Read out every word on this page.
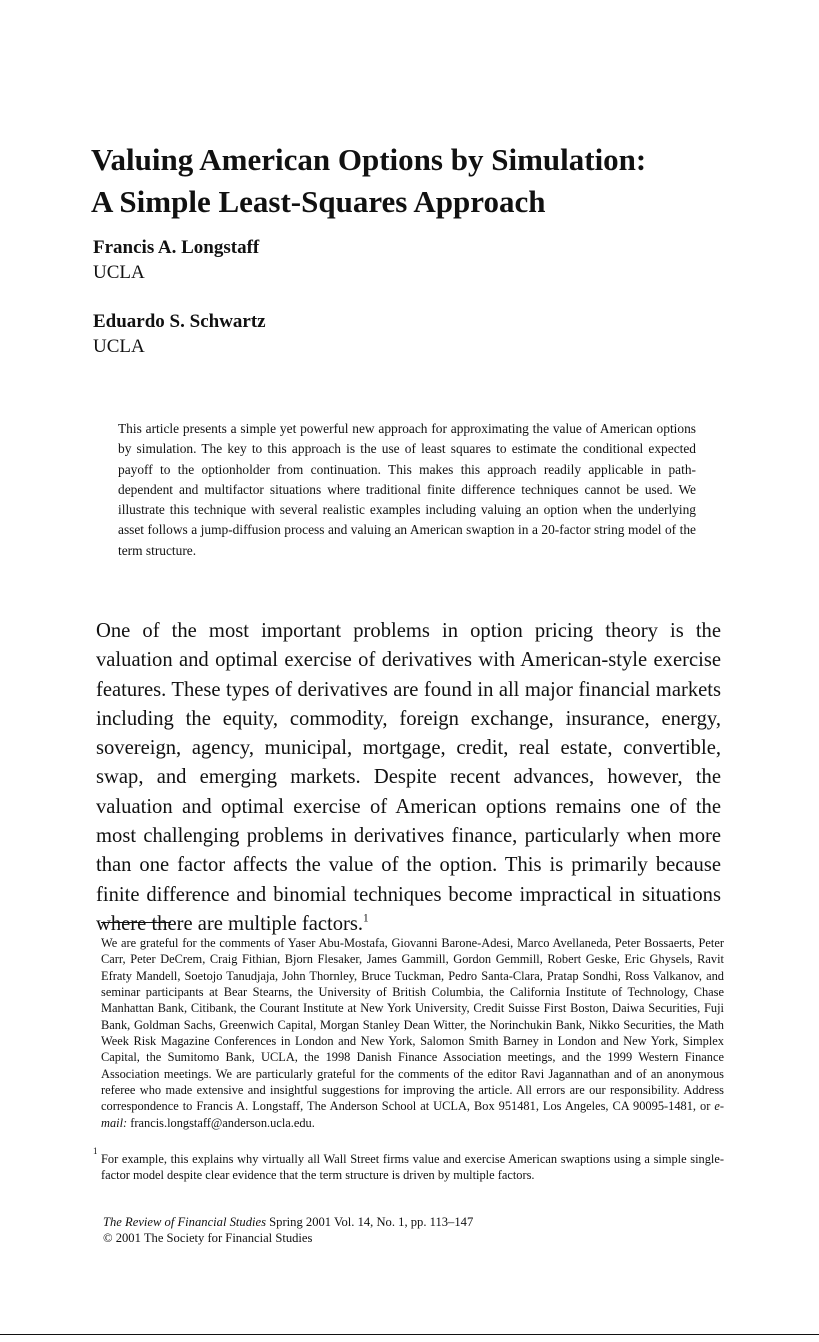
Valuing American Options by Simulation:
A Simple Least-Squares Approach
Francis A. Longstaff
UCLA
Eduardo S. Schwartz
UCLA

This article presents a simple yet powerful new approach for approximating the value of American options by simulation. The key to this approach is the use of least squares to estimate the conditional expected payoff to the optionholder from continuation. This makes this approach readily applicable in path-dependent and multifactor situations where traditional finite difference techniques cannot be used. We illustrate this technique with several realistic examples including valuing an option when the underlying asset follows a jump-diffusion process and valuing an American swaption in a 20-factor string model of the term structure.

One of the most important problems in option pricing theory is the valuation and optimal exercise of derivatives with American-style exercise features. These types of derivatives are found in all major financial markets including the equity, commodity, foreign exchange, insurance, energy, sovereign, agency, municipal, mortgage, credit, real estate, convertible, swap, and emerging markets. Despite recent advances, however, the valuation and optimal exercise of American options remains one of the most challenging problems in derivatives finance, particularly when more than one factor affects the value of the option. This is primarily because finite difference and binomial techniques become impractical in situations where there are multiple factors.$^1$

We are grateful for the comments of Yaser Abu-Mostafa, Giovanni Barone-Adesi, Marco Avellaneda, Peter Bossaerts, Peter Carr, Peter DeCrem, Craig Fithian, Bjorn Flesaker, James Gammill, Gordon Gemmill, Robert Geske, Eric Ghysels, Ravit Efraty Mandell, Soetojo Tanudjaja, John Thornley, Bruce Tuckman, Pedro Santa-Clara, Pratap Sondhi, Ross Valkanov, and seminar participants at Bear Stearns, the University of British Columbia, the California Institute of Technology, Chase Manhattan Bank, Citibank, the Courant Institute at New York University, Credit Suisse First Boston, Daiwa Securities, Fuji Bank, Goldman Sachs, Greenwich Capital, Morgan Stanley Dean Witter, the Norinchukin Bank, Nikko Securities, the Math Week Risk Magazine Conferences in London and New York, Salomon Smith Barney in London and New York, Simplex Capital, the Sumitomo Bank, UCLA, the 1998 Danish Finance Association meetings, and the 1999 Western Finance Association meetings. We are particularly grateful for the comments of the editor Ravi Jagannathan and of an anonymous referee who made extensive and insightful suggestions for improving the article. All errors are our responsibility. Address correspondence to Francis A. Longstaff, The Anderson School at UCLA, Box 951481, Los Angeles, CA 90095-1481, or e-mail: francis.longstaff@anderson.ucla.edu.

1
For example, this explains why virtually all Wall Street firms value and exercise American swaptions using a simple single-factor model despite clear evidence that the term structure is driven by multiple factors.

The Review of Financial Studies Spring 2001 Vol. 14, No. 1, pp. 113–147
© 2001 The Society for Financial Studies
